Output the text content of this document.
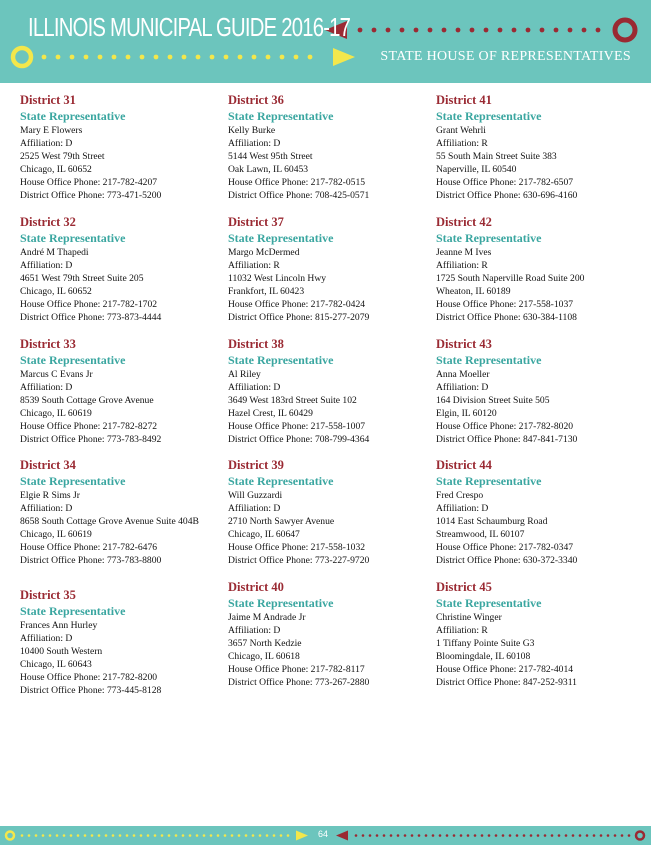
ILLINOIS MUNICIPAL GUIDE 2016-17
STATE HOUSE OF REPRESENTATIVES
District 31
State Representative
Mary E Flowers
Affiliation: D
2525 West 79th Street
Chicago, IL 60652
House Office Phone: 217-782-4207
District Office Phone: 773-471-5200
District 32
State Representative
André M Thapedi
Affiliation: D
4651 West 79th Street Suite 205
Chicago, IL 60652
House Office Phone: 217-782-1702
District Office Phone: 773-873-4444
District 33
State Representative
Marcus C Evans Jr
Affiliation: D
8539 South Cottage Grove Avenue
Chicago, IL 60619
House Office Phone: 217-782-8272
District Office Phone: 773-783-8492
District 34
State Representative
Elgie R Sims Jr
Affiliation: D
8658 South Cottage Grove Avenue Suite 404B
Chicago, IL 60619
House Office Phone: 217-782-6476
District Office Phone: 773-783-8800
District 35
State Representative
Frances Ann Hurley
Affiliation: D
10400 South Western
Chicago, IL 60643
House Office Phone: 217-782-8200
District Office Phone: 773-445-8128
District 36
State Representative
Kelly Burke
Affiliation: D
5144 West 95th Street
Oak Lawn, IL 60453
House Office Phone: 217-782-0515
District Office Phone: 708-425-0571
District 37
State Representative
Margo McDermed
Affiliation: R
11032 West Lincoln Hwy
Frankfort, IL 60423
House Office Phone: 217-782-0424
District Office Phone: 815-277-2079
District 38
State Representative
Al Riley
Affiliation: D
3649 West 183rd Street Suite 102
Hazel Crest, IL 60429
House Office Phone: 217-558-1007
District Office Phone: 708-799-4364
District 39
State Representative
Will Guzzardi
Affiliation: D
2710 North Sawyer Avenue
Chicago, IL 60647
House Office Phone: 217-558-1032
District Office Phone: 773-227-9720
District 40
State Representative
Jaime M Andrade Jr
Affiliation: D
3657 North Kedzie
Chicago, IL 60618
House Office Phone: 217-782-8117
District Office Phone: 773-267-2880
District 41
State Representative
Grant Wehrli
Affiliation: R
55 South Main Street Suite 383
Naperville, IL 60540
House Office Phone: 217-782-6507
District Office Phone: 630-696-4160
District 42
State Representative
Jeanne M Ives
Affiliation: R
1725 South Naperville Road Suite 200
Wheaton, IL 60189
House Office Phone: 217-558-1037
District Office Phone: 630-384-1108
District 43
State Representative
Anna Moeller
Affiliation: D
164 Division Street Suite 505
Elgin, IL 60120
House Office Phone: 217-782-8020
District Office Phone: 847-841-7130
District 44
State Representative
Fred Crespo
Affiliation: D
1014 East Schaumburg Road
Streamwood, IL 60107
House Office Phone: 217-782-0347
District Office Phone: 630-372-3340
District 45
State Representative
Christine Winger
Affiliation: R
1 Tiffany Pointe Suite G3
Bloomingdale, IL 60108
House Office Phone: 217-782-4014
District Office Phone: 847-252-9311
64
